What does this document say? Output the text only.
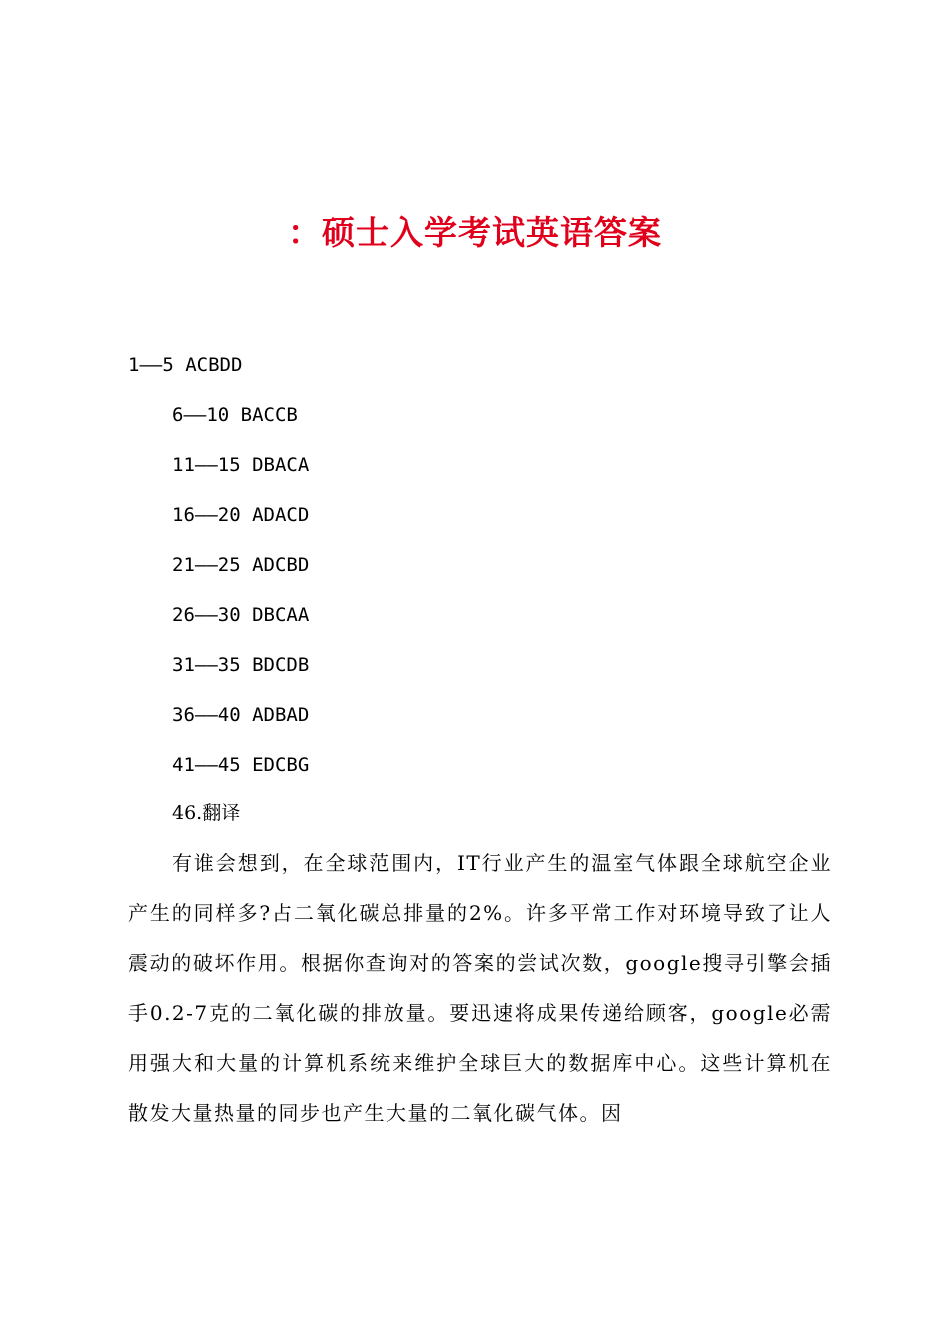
：硕士入学考试英语答案
1——5 ACBDD
6——10 BACCB
11——15 DBACA
16——20 ADACD
21——25 ADCBD
26——30 DBCAA
31——35 BDCDB
36——40 ADBAD
41——45 EDCBG
46.翻译
有谁会想到，在全球范围内，IT行业产生的温室气体跟全球航空企业产生的同样多?占二氧化碳总排量的2%。许多平常工作对环境导致了让人震动的破坏作用。根据你查询对的答案的尝试次数，google搜寻引擎会插手0.2-7克的二氧化碳的排放量。要迅速将成果传递给顾客，google必需用强大和大量的计算机系统来维护全球巨大的数据库中心。这些计算机在散发大量热量的同步也产生大量的二氧化碳气体。因
